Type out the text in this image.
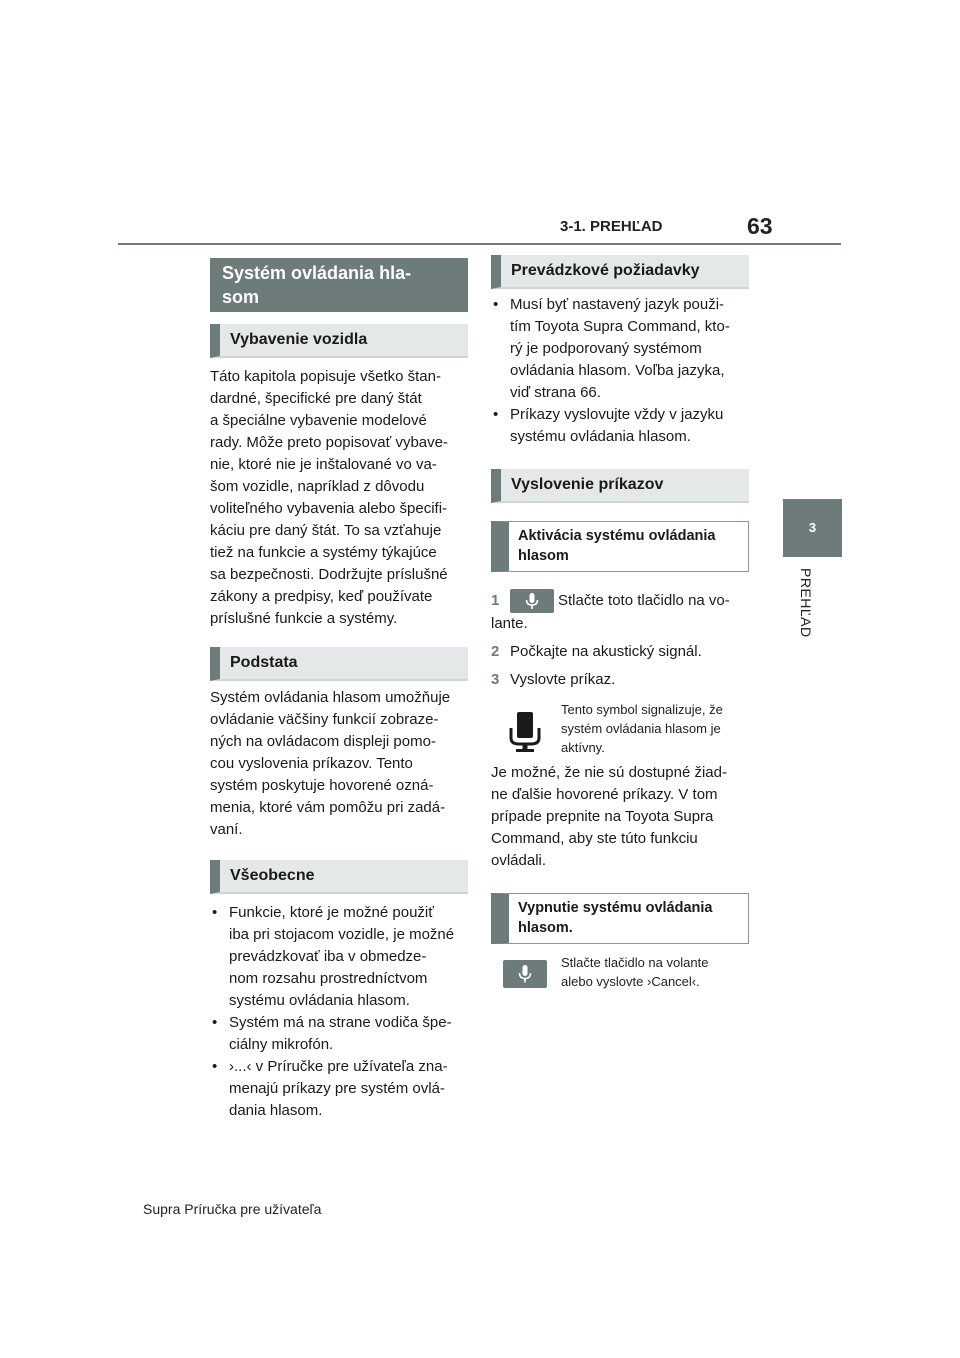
3-1. PREHĽAD	63
3
PREHĽAD
Systém ovládania hla-
som
Vybavenie vozidla
Táto kapitola popisuje všetko štan-
dardné, špecifické pre daný štát
a špeciálne vybavenie modelové
rady. Môže preto popisovať vybave-
nie, ktoré nie je inštalované vo va-
šom vozidle, napríklad z dôvodu
voliteľného vybavenia alebo špecifi-
káciu pre daný štát. To sa vzťahuje
tiež na funkcie a systémy týkajúce
sa bezpečnosti. Dodržujte príslušné
zákony a predpisy, keď používate
príslušné funkcie a systémy.
Podstata
Systém ovládania hlasom umožňuje
ovládanie väčšiny funkcií zobraze-
ných na ovládacom displeji pomo-
cou vyslovenia príkazov. Tento
systém poskytuje hovorené ozná-
menia, ktoré vám pomôžu pri zadá-
vaní.
Všeobecne
• Funkcie, ktoré je možné použiť
iba pri stojacom vozidle, je možné
prevádzkovať iba v obmedze-
nom rozsahu prostredníctvom
systému ovládania hlasom.
• Systém má na strane vodiča špe-
ciálny mikrofón.
• ›...‹ v Príručke pre užívateľa zna-
menajú príkazy pre systém ovlá-
dania hlasom.
Prevádzkové požiadavky
• Musí byť nastavený jazyk použi-
tím Toyota Supra Command, kto-
rý je podporovaný systémom
ovládania hlasom. Voľba jazyka,
viď strana 66.
• Príkazy vyslovujte vždy v jazyku
systému ovládania hlasom.
Vyslovenie príkazov
Aktivácia systému ovládania
hlasom
1	Stlačte toto tlačidlo na vo-
lante.
2 Počkajte na akustický signál.
3 Vyslovte príkaz.
Tento symbol signalizuje, že
systém ovládania hlasom je
aktívny.
Je možné, že nie sú dostupné žiad-
ne ďalšie hovorené príkazy. V tom
prípade prepnite na Toyota Supra
Command, aby ste túto funkciu
ovládali.
Vypnutie systému ovládania
hlasom.
Stlačte tlačidlo na volante
alebo vyslovte ›Cancel‹.
Supra Príručka pre užívateľa
